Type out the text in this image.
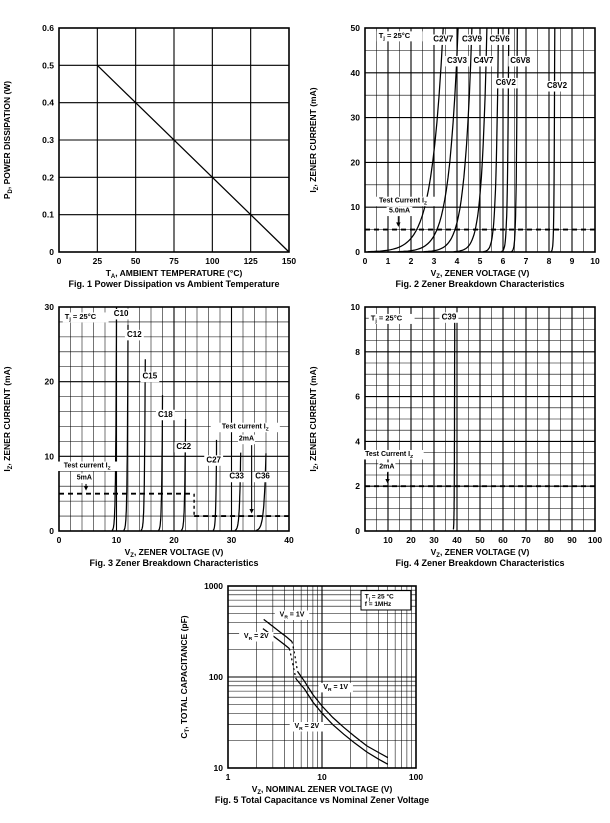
0	25	50	75	100	125	150
0
0.1
0.2
0.3
0.4
0.5
0.6
$T_A$, AMBIENT TEMPERATURE (°C)
$P_D$, POWER DISSIPATION (W)
Fig. 1 Power Dissipation vs Ambient Temperature
C2V7
C3V3
C3V9
C4V7
C5V6
C6V2
C6V8
C8V2
$T_j = 25^\circ C$
Test Current $I_Z$
5.0mA
0 1 2 3 4 5 6 7 8 9 10
0
10
20
30
40
50
$V_Z$, ZENER VOLTAGE (V)
$I_Z$, ZENER CURRENT (mA)
Fig. 2 Zener Breakdown Characteristics
C10
C12
C15
C18
C22
C27
C33 C36
$T_j = 25^\circ C$
Test current $I_Z$
5mA
Test current $I_Z$
2mA
0	10	20	30	40
0
10
20
30
$V_Z$, ZENER VOLTAGE (V)
$I_Z$, ZENER CURRENT (mA)
Fig. 3 Zener Breakdown Characteristics
C39
$T_j = 25^\circ C$
Test Current $I_Z$
2mA
10 20 30 40 50 60 70 80 90 100
0
2
4
6
8
10
$V_Z$, ZENER VOLTAGE (V)
$I_Z$, ZENER CURRENT (mA)
Fig. 4 Zener Breakdown Characteristics
$T_j = 25$ °C
f = 1MHz
$V_R = 1V$
$V_R = 2V$
$V_R = 1V$
$V_R = 2V$
1	10	100
10
100
1000
$V_Z$, NOMINAL ZENER VOLTAGE (V)
$C_T$, TOTAL CAPACITANCE (pF)
Fig. 5 Total Capacitance vs Nominal Zener Voltage
